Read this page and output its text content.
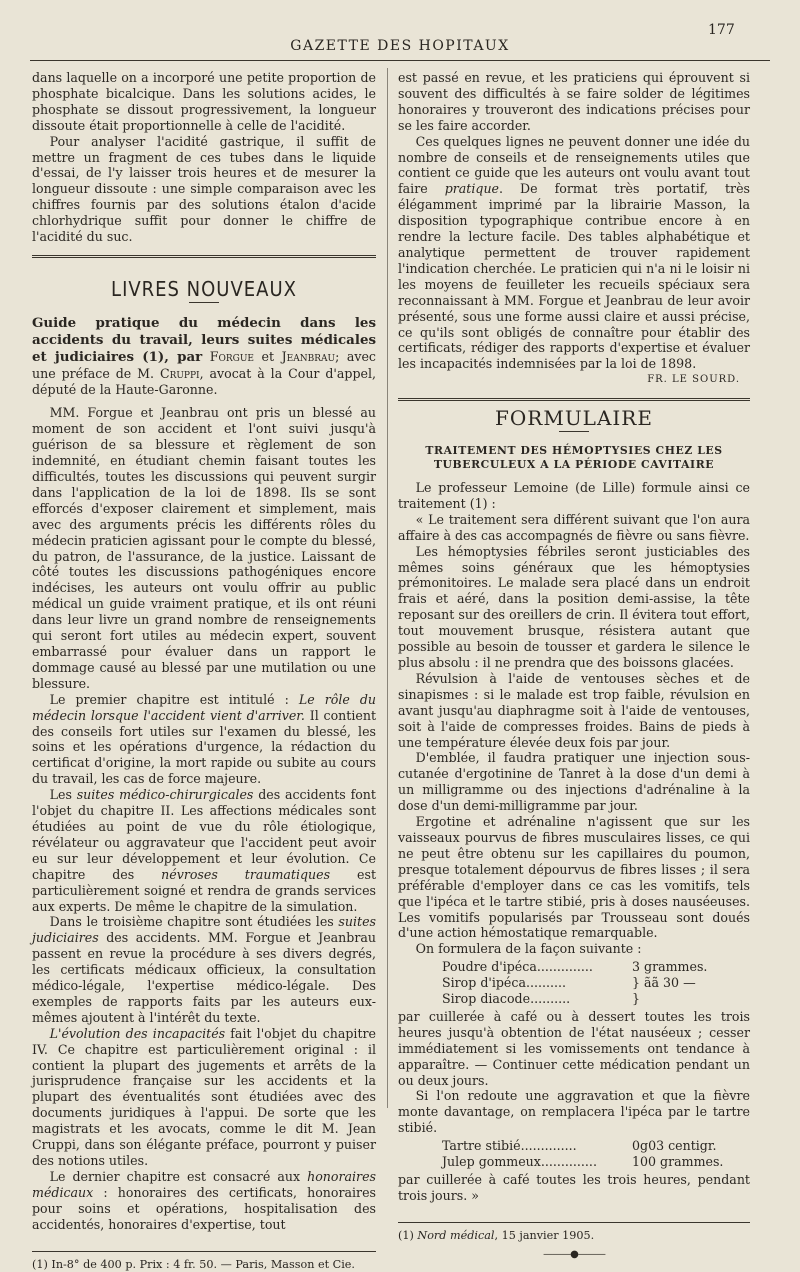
GAZETTE DES HOPITAUX
177

dans laquelle on a incorporé une petite proportion de phosphate bicalcique. Dans les solutions acides, le phosphate se dissout progressivement, la longueur dissoute était proportionnelle à celle de l'acidité.

Pour analyser l'acidité gastrique, il suffit de mettre un fragment de ces tubes dans le liquide d'essai, de l'y laisser trois heures et de mesurer la longueur dissoute : une simple comparaison avec les chiffres fournis par des solutions étalon d'acide chlorhydrique suffit pour donner le chiffre de l'acidité du suc.

LIVRES NOUVEAUX

Guide pratique du médecin dans les accidents du travail, leurs suites médicales et judiciaires (1), par Forgue et Jeanbrau; avec une préface de M. Cruppi, avocat à la Cour d'appel, député de la Haute-Garonne.

MM. Forgue et Jeanbrau ont pris un blessé au moment de son accident et l'ont suivi jusqu'à guérison de sa blessure et règlement de son indemnité, en étudiant chemin faisant toutes les difficultés, toutes les discussions qui peuvent surgir dans l'application de la loi de 1898. Ils se sont efforcés d'exposer clairement et simplement, mais avec des arguments précis les différents rôles du médecin praticien agissant pour le compte du blessé, du patron, de l'assurance, de la justice. Laissant de côté toutes les discussions pathogéniques encore indécises, les auteurs ont voulu offrir au public médical un guide vraiment pratique, et ils ont réuni dans leur livre un grand nombre de renseignements qui seront fort utiles au médecin expert, souvent embarrassé pour évaluer dans un rapport le dommage causé au blessé par une mutilation ou une blessure.

Le premier chapitre est intitulé : Le rôle du médecin lorsque l'accident vient d'arriver. Il contient des conseils fort utiles sur l'examen du blessé, les soins et les opérations d'urgence, la rédaction du certificat d'origine, la mort rapide ou subite au cours du travail, les cas de force majeure.

Les suites médico-chirurgicales des accidents font l'objet du chapitre II. Les affections médicales sont étudiées au point de vue du rôle étiologique, révélateur ou aggravateur que l'accident peut avoir eu sur leur développement et leur évolution. Ce chapitre des névroses traumatiques est particulièrement soigné et rendra de grands services aux experts. De même le chapitre de la simulation.

Dans le troisième chapitre sont étudiées les suites judiciaires des accidents. MM. Forgue et Jeanbrau passent en revue la procédure à ses divers degrés, les certificats médicaux officieux, la consultation médico-légale, l'expertise médico-légale. Des exemples de rapports faits par les auteurs eux-mêmes ajoutent à l'intérêt du texte.

L'évolution des incapacités fait l'objet du chapitre IV. Ce chapitre est particulièrement original : il contient la plupart des jugements et arrêts de la jurisprudence française sur les accidents et la plupart des éventualités sont étudiées avec des documents juridiques à l'appui. De sorte que les magistrats et les avocats, comme le dit M. Jean Cruppi, dans son élégante préface, pourront y puiser des notions utiles.

Le dernier chapitre est consacré aux honoraires médicaux : honoraires des certificats, honoraires pour soins et opérations, hospitalisation des accidentés, honoraires d'expertise, tout

(1) In-8° de 400 p. Prix : 4 fr. 50. — Paris, Masson et Cie.

est passé en revue, et les praticiens qui éprouvent si souvent des difficultés à se faire solder de légitimes honoraires y trouveront des indications précises pour se les faire accorder.

Ces quelques lignes ne peuvent donner une idée du nombre de conseils et de renseignements utiles que contient ce guide que les auteurs ont voulu avant tout faire pratique. De format très portatif, très élégamment imprimé par la librairie Masson, la disposition typographique contribue encore à en rendre la lecture facile. Des tables alphabétique et analytique permettent de trouver rapidement l'indication cherchée. Le praticien qui n'a ni le loisir ni les moyens de feuilleter les recueils spéciaux sera reconnaissant à MM. Forgue et Jeanbrau de leur avoir présenté, sous une forme aussi claire et aussi précise, ce qu'ils sont obligés de connaître pour établir des certificats, rédiger des rapports d'expertise et évaluer les incapacités indemnisées par la loi de 1898.

FR. LE SOURD.
FORMULAIRE
TRAITEMENT DES HÉMOPTYSIES CHEZ LES TUBERCULEUX A LA PÉRIODE CAVITAIRE

Le professeur Lemoine (de Lille) formule ainsi ce traitement (1) :

« Le traitement sera différent suivant que l'on aura affaire à des cas accompagnés de fièvre ou sans fièvre.

Les hémoptysies fébriles seront justiciables des mêmes soins généraux que les hémoptysies prémonitoires. Le malade sera placé dans un endroit frais et aéré, dans la position demi-assise, la tête reposant sur des oreillers de crin. Il évitera tout effort, tout mouvement brusque, résistera autant que possible au besoin de tousser et gardera le silence le plus absolu : il ne prendra que des boissons glacées.

Révulsion à l'aide de ventouses sèches et de sinapismes : si le malade est trop faible, révulsion en avant jusqu'au diaphragme soit à l'aide de ventouses, soit à l'aide de compresses froides. Bains de pieds à une température élevée deux fois par jour.

D'emblée, il faudra pratiquer une injection sous-cutanée d'ergotinine de Tanret à la dose d'un demi à un milligramme ou des injections d'adrénaline à la dose d'un demi-milligramme par jour.

Ergotine et adrénaline n'agissent que sur les vaisseaux pourvus de fibres musculaires lisses, ce qui ne peut être obtenu sur les capillaires du poumon, presque totalement dépourvus de fibres lisses ; il sera préférable d'employer dans ce cas les vomitifs, tels que l'ipéca et le tartre stibié, pris à doses nauséeuses. Les vomitifs popularisés par Trousseau sont doués d'une action hémostatique remarquable.

On formulera de la façon suivante :

Poudre d'ipéca..............	3 grammes.
Sirop d'ipéca..........	} ãã 30 —
Sirop diacode..........	}

par cuillerée à café ou à dessert toutes les trois heures jusqu'à obtention de l'état nauséeux ; cesser immédiatement si les vomissements ont tendance à apparaître. — Continuer cette médication pendant un ou deux jours.

Si l'on redoute une aggravation et que la fièvre monte davantage, on remplacera l'ipéca par le tartre stibié.

Tartre stibié..............	0g03 centigr.
Julep gommeux..............	100 grammes.

par cuillerée à café toutes les trois heures, pendant trois jours. »

(1) Nord médical, 15 janvier 1905.

———●———
